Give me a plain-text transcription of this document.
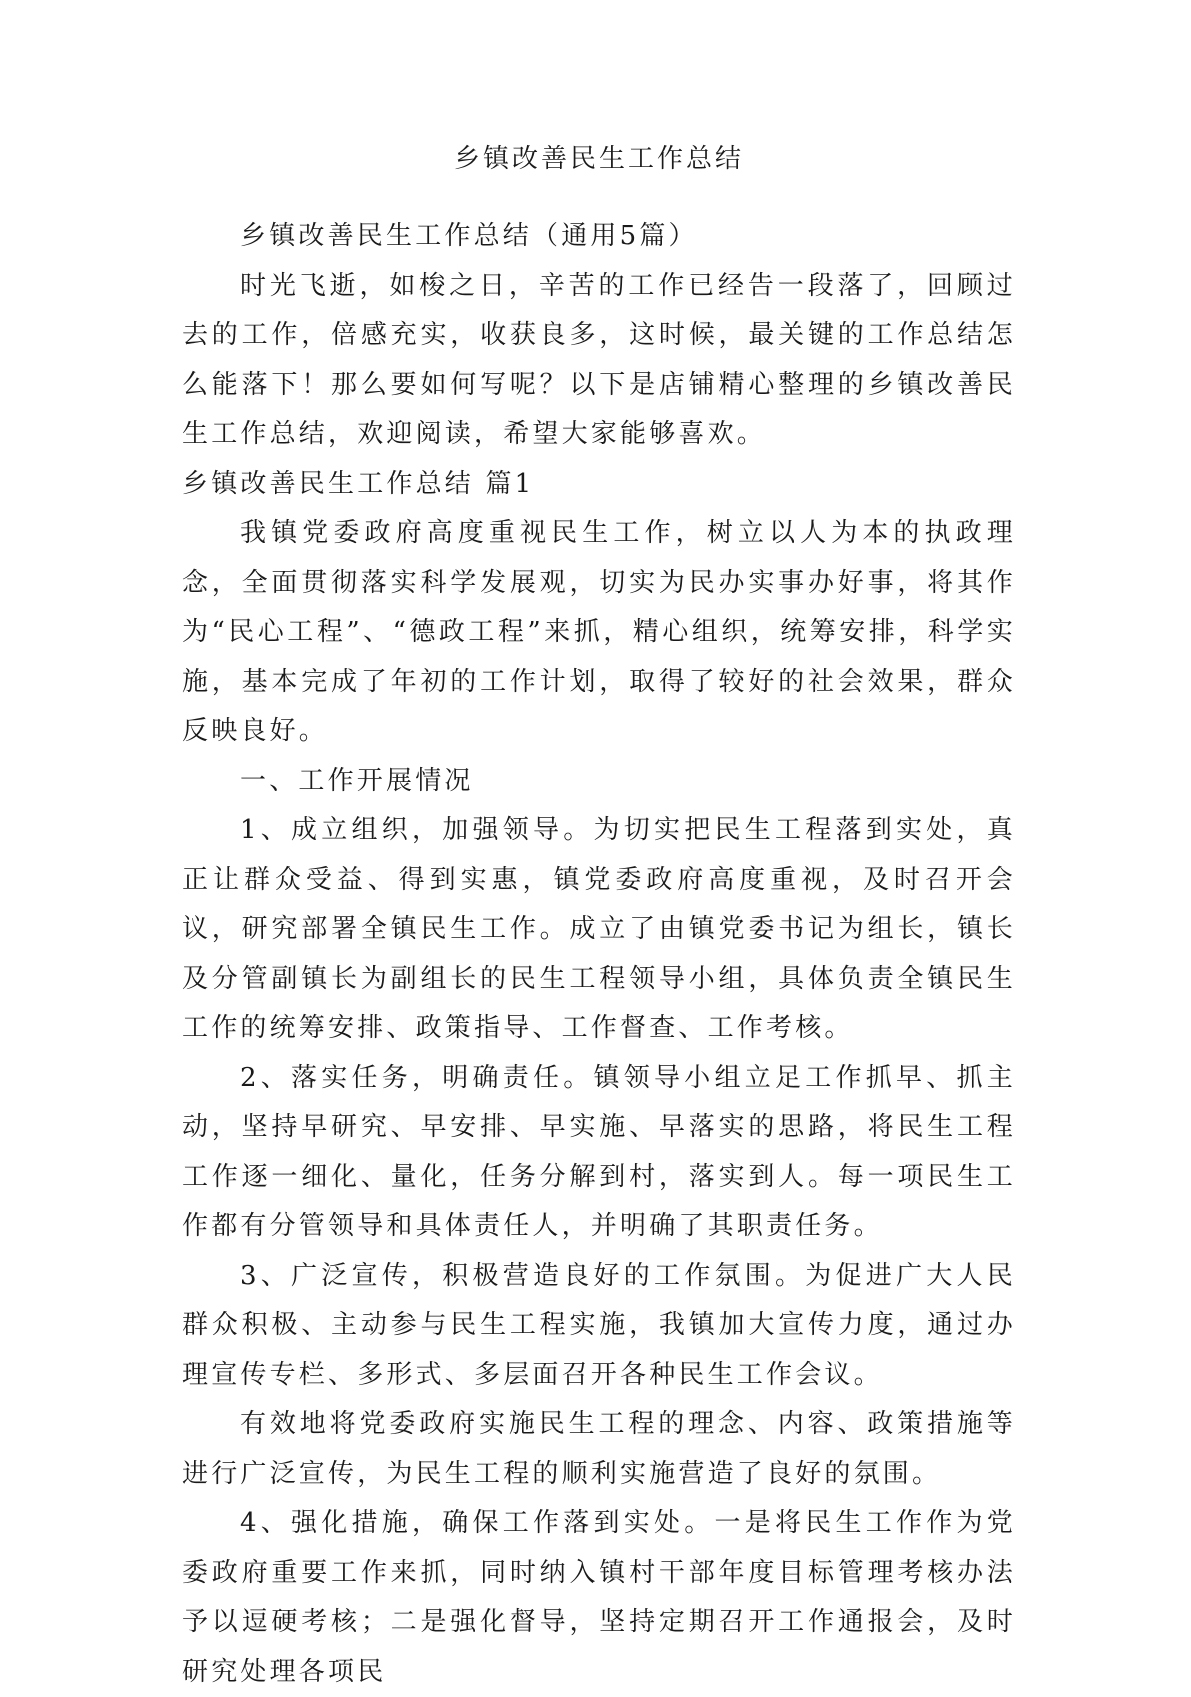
乡镇改善民生工作总结

乡镇改善民生工作总结（通用5篇）

时光飞逝，如梭之日，辛苦的工作已经告一段落了，回顾过去的工作，倍感充实，收获良多，这时候，最关键的工作总结怎么能落下！那么要如何写呢？以下是店铺精心整理的乡镇改善民生工作总结，欢迎阅读，希望大家能够喜欢。

乡镇改善民生工作总结 篇1

我镇党委政府高度重视民生工作，树立以人为本的执政理念，全面贯彻落实科学发展观，切实为民办实事办好事，将其作为“民心工程”、“德政工程”来抓，精心组织，统筹安排，科学实施，基本完成了年初的工作计划，取得了较好的社会效果，群众反映良好。

一、工作开展情况

1、成立组织，加强领导。为切实把民生工程落到实处，真正让群众受益、得到实惠，镇党委政府高度重视，及时召开会议，研究部署全镇民生工作。成立了由镇党委书记为组长，镇长及分管副镇长为副组长的民生工程领导小组，具体负责全镇民生工作的统筹安排、政策指导、工作督查、工作考核。

2、落实任务，明确责任。镇领导小组立足工作抓早、抓主动，坚持早研究、早安排、早实施、早落实的思路，将民生工程工作逐一细化、量化，任务分解到村，落实到人。每一项民生工作都有分管领导和具体责任人，并明确了其职责任务。

3、广泛宣传，积极营造良好的工作氛围。为促进广大人民群众积极、主动参与民生工程实施，我镇加大宣传力度，通过办理宣传专栏、多形式、多层面召开各种民生工作会议。

有效地将党委政府实施民生工程的理念、内容、政策措施等进行广泛宣传，为民生工程的顺利实施营造了良好的氛围。

4、强化措施，确保工作落到实处。一是将民生工作作为党委政府重要工作来抓，同时纳入镇村干部年度目标管理考核办法予以逗硬考核；二是强化督导，坚持定期召开工作通报会，及时研究处理各项民
